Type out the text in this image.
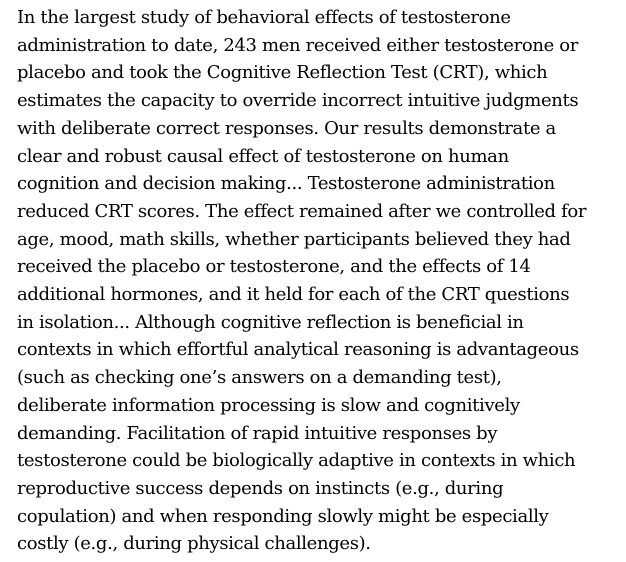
In the largest study of behavioral effects of testosterone
administration to date, 243 men received either testosterone or
placebo and took the Cognitive Reflection Test (CRT), which
estimates the capacity to override incorrect intuitive judgments
with deliberate correct responses. Our results demonstrate a
clear and robust causal effect of testosterone on human
cognition and decision making... Testosterone administration
reduced CRT scores. The effect remained after we controlled for
age, mood, math skills, whether participants believed they had
received the placebo or testosterone, and the effects of 14
additional hormones, and it held for each of the CRT questions
in isolation... Although cognitive reflection is beneficial in
contexts in which effortful analytical reasoning is advantageous
(such as checking one’s answers on a demanding test),
deliberate information processing is slow and cognitively
demanding. Facilitation of rapid intuitive responses by
testosterone could be biologically adaptive in contexts in which
reproductive success depends on instincts (e.g., during
copulation) and when responding slowly might be especially
costly (e.g., during physical challenges).
